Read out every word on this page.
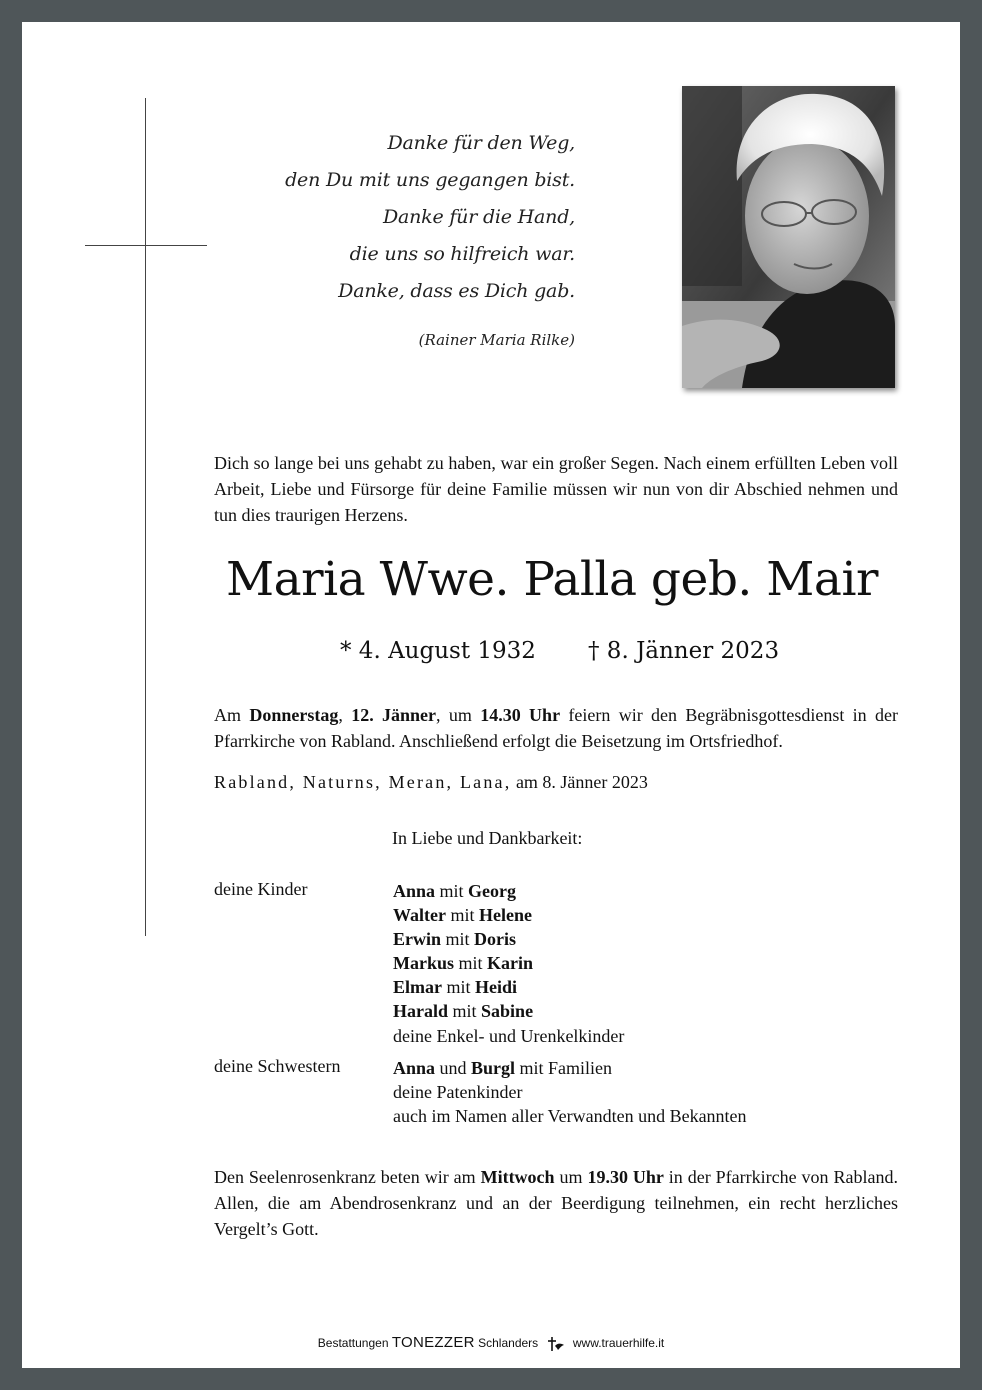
Danke für den Weg,
den Du mit uns gegangen bist.
Danke für die Hand,
die uns so hilfreich war.
Danke, dass es Dich gab.
(Rainer Maria Rilke)
Dich so lange bei uns gehabt zu haben, war ein großer Segen. Nach einem erfüllten Leben voll Arbeit, Liebe und Fürsorge für deine Familie müssen wir nun von dir Abschied nehmen und tun dies traurigen Herzens.
Maria Wwe. Palla geb. Mair
* 4. August 1932 † 8. Jänner 2023
Am Donnerstag, 12. Jänner, um 14.30 Uhr feiern wir den Begräbnisgottesdienst in der Pfarrkirche von Rabland. Anschließend erfolgt die Beisetzung im Ortsfriedhof.
Rabland, Naturns, Meran, Lana, am 8. Jänner 2023
In Liebe und Dankbarkeit:
deine Kinder	Anna mit Georg
Walter mit Helene
Erwin mit Doris
Markus mit Karin
Elmar mit Heidi
Harald mit Sabine
deine Enkel- und Urenkelkinder
deine Schwestern	Anna und Burgl mit Familien
deine Patenkinder
auch im Namen aller Verwandten und Bekannten
Den Seelenrosenkranz beten wir am Mittwoch um 19.30 Uhr in der Pfarrkirche von Rabland. Allen, die am Abendrosenkranz und an der Beerdigung teilnehmen, ein recht herzliches Vergelt’s Gott.
Bestattungen TONEZZER Schlanders	www.trauerhilfe.it
